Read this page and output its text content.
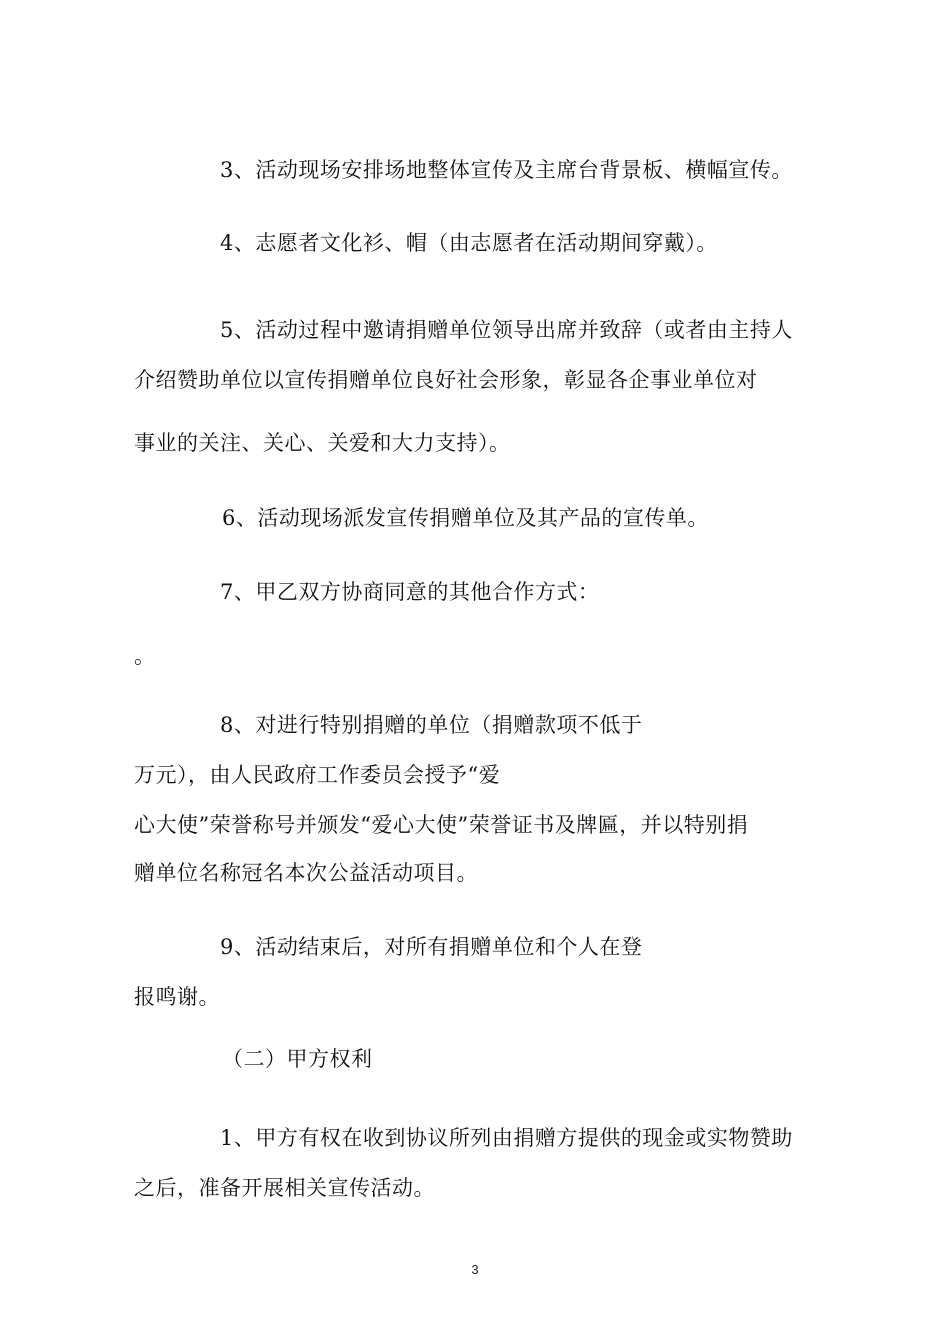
3、活动现场安排场地整体宣传及主席台背景板、横幅宣传。
4、志愿者文化衫、帽（由志愿者在活动期间穿戴）。
5、活动过程中邀请捐赠单位领导出席并致辞（或者由主持人
介绍赞助单位以宣传捐赠单位良好社会形象，彰显各企事业单位对
事业的关注、关心、关爱和大力支持）。
6、活动现场派发宣传捐赠单位及其产品的宣传单。
7、甲乙双方协商同意的其他合作方式：
。
8、对进行特别捐赠的单位（捐赠款项不低于
万元），由人民政府工作委员会授予“爱
心大使”荣誉称号并颁发“爱心大使”荣誉证书及牌匾，并以特别捐
赠单位名称冠名本次公益活动项目。
9、活动结束后，对所有捐赠单位和个人在登
报鸣谢。
（二）甲方权利
1、甲方有权在收到协议所列由捐赠方提供的现金或实物赞助
之后，准备开展相关宣传活动。
3
